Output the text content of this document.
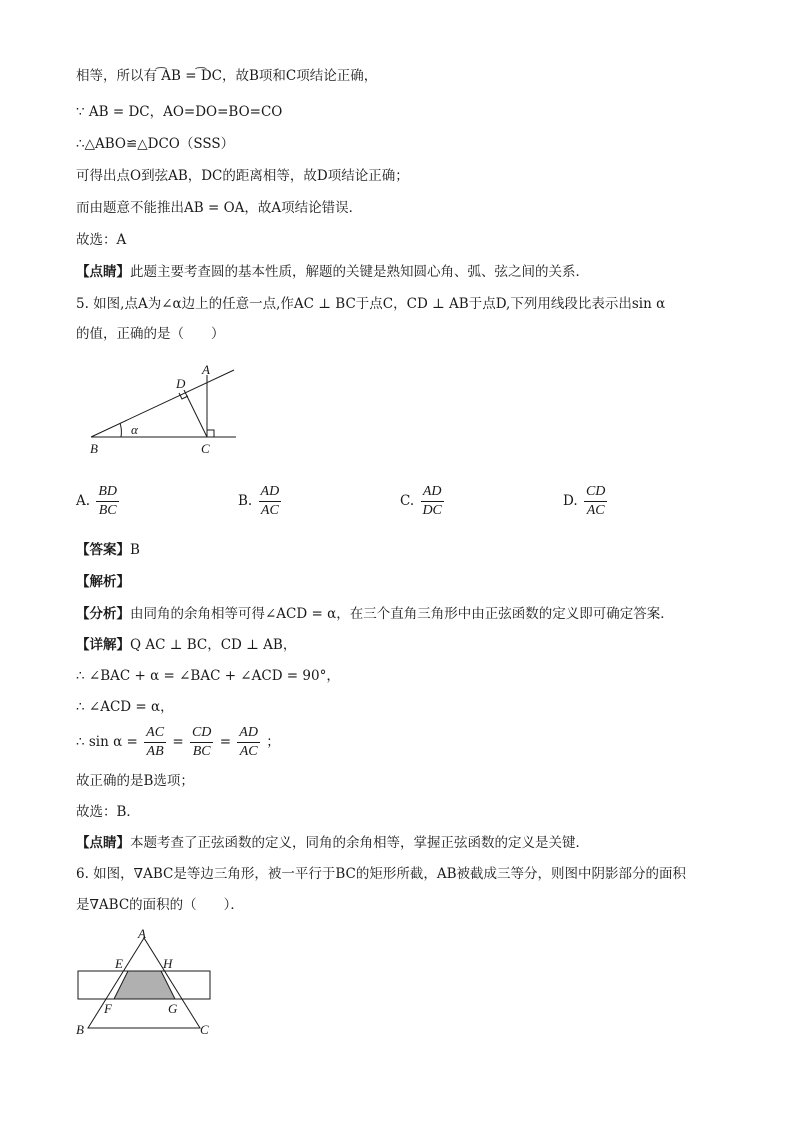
相等，所以有 ͡AB = ͡DC，故B项和C项结论正确，
∵ AB = DC，AO=DO=BO=CO
∴△ABO≌△DCO（SSS）
可得出点O到弦AB，DC的距离相等，故D项结论正确；
而由题意不能推出AB = OA，故A项结论错误．
故选：A
【点睛】此题主要考查圆的基本性质，解题的关键是熟知圆心角、弧、弦之间的关系．
5. 如图,点A为∠α边上的任意一点,作AC ⊥ BC于点C，CD ⊥ AB于点D,下列用线段比表示出sin α
的值，正确的是（　　）
A
D
B	C
α
A. $\frac{BD}{BC}$	B. $\frac{AD}{AC}$	C. $\frac{AD}{DC}$	D. $\frac{CD}{AC}$
【答案】B
【解析】
【分析】由同角的余角相等可得∠ACD = α，在三个直角三角形中由正弦函数的定义即可确定答案．
【详解】Q AC ⊥ BC，CD ⊥ AB，
∴ ∠BAC + α = ∠BAC + ∠ACD = 90°，
∴ ∠ACD = α，
∴ $\sin \alpha = \frac{AC}{AB} = \frac{CD}{BC} = \frac{AD}{AC}$ ；
故正确的是B选项；
故选：B．
【点睛】本题考查了正弦函数的定义，同角的余角相等，掌握正弦函数的定义是关键．
6. 如图，∇ABC是等边三角形，被一平行于BC的矩形所截，AB被截成三等分，则图中阴影部分的面积
是∇ABC的面积的（　　）．
A
E	H
F	G
B	C
